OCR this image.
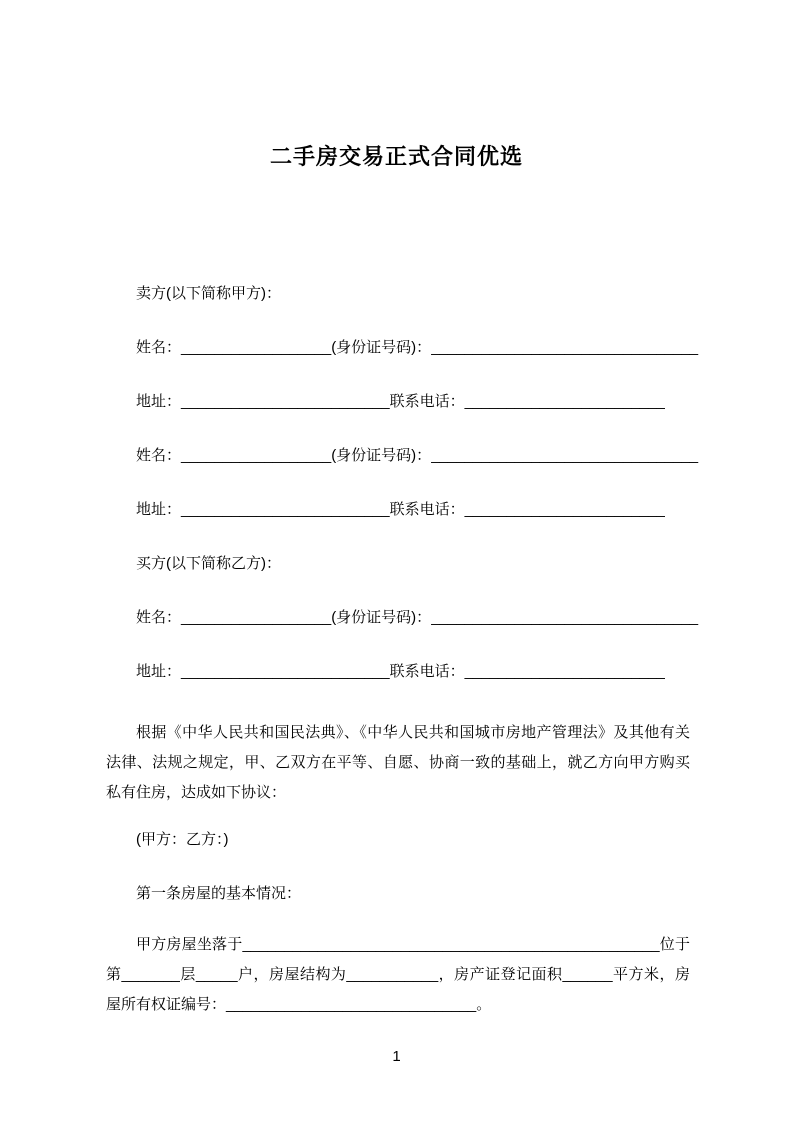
二手房交易正式合同优选

卖方(以下简称甲方)：

姓名：__________________(身份证号码)：________________________________

地址：_________________________联系电话：________________________

姓名：__________________(身份证号码)：________________________________

地址：_________________________联系电话：________________________

买方(以下简称乙方)：

姓名：__________________(身份证号码)：________________________________

地址：_________________________联系电话：________________________

根据《中华人民共和国民法典》、《中华人民共和国城市房地产管理法》及其他有关法律、法规之规定，甲、乙双方在平等、自愿、协商一致的基础上，就乙方向甲方购买私有住房，达成如下协议：

(甲方：乙方：)

第一条房屋的基本情况：

甲方房屋坐落于__________________________________________________位于第_______层_____户，房屋结构为___________，房产证登记面积______平方米，房屋所有权证编号：______________________________。

1
